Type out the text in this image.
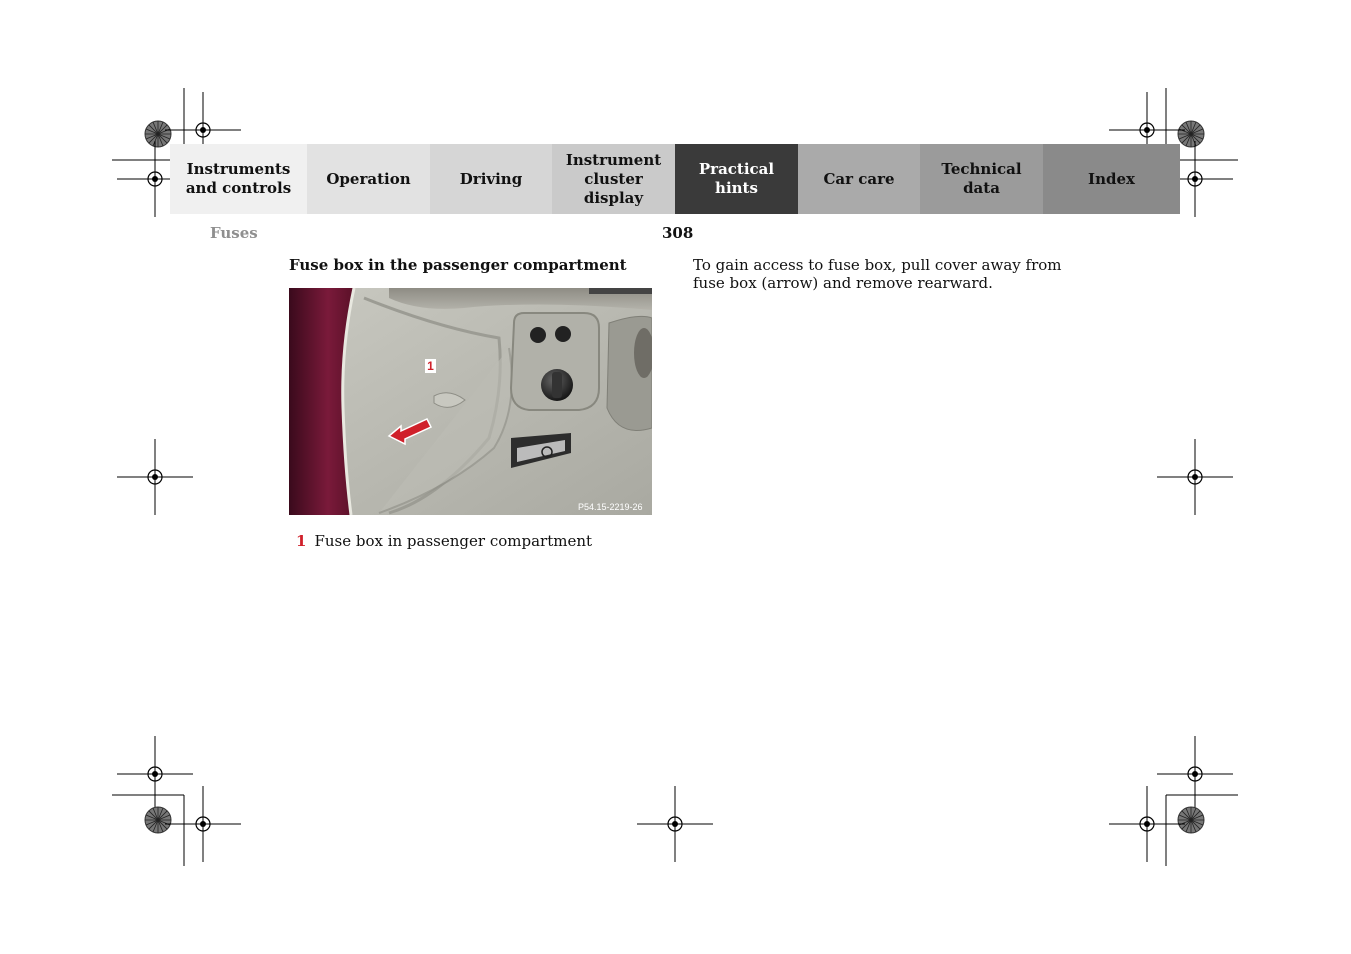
Instruments
and controls
Operation	Driving
Instrument
cluster display
Practical hints
Car care
Technical
data
Index
Fuses	308
Fuse box in the passenger compartment
1
P54.15-2219-26
1 Fuse box in passenger compartment

To gain access to fuse box, pull cover away from fuse box (arrow) and remove rearward.
